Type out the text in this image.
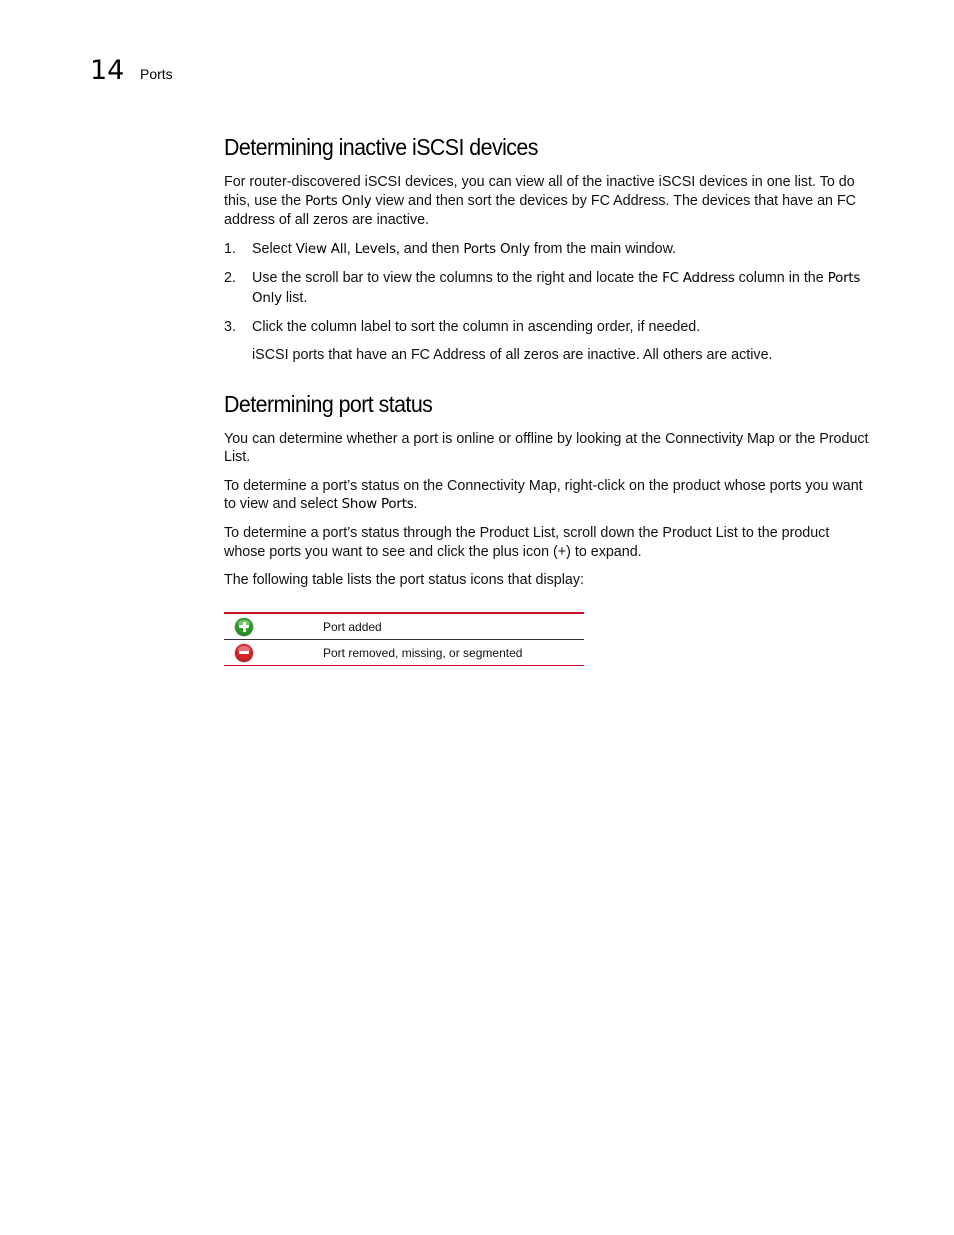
14 Ports
Determining inactive iSCSI devices

For router-discovered iSCSI devices, you can view all of the inactive iSCSI devices in one list. To do this, use the Ports Only view and then sort the devices by FC Address. The devices that have an FC address of all zeros are inactive.

1. Select View All, Levels, and then Ports Only from the main window.
2. Use the scroll bar to view the columns to the right and locate the FC Address column in the Ports Only list.
3. Click the column label to sort the column in ascending order, if needed.

iSCSI ports that have an FC Address of all zeros are inactive. All others are active.

Determining port status

You can determine whether a port is online or offline by looking at the Connectivity Map or the Product List.

To determine a port’s status on the Connectivity Map, right-click on the product whose ports you want to view and select Show Ports.

To determine a port’s status through the Product List, scroll down the Product List to the product whose ports you want to see and click the plus icon (+) to expand.

The following table lists the port status icons that display:

Port added
Port removed, missing, or segmented
